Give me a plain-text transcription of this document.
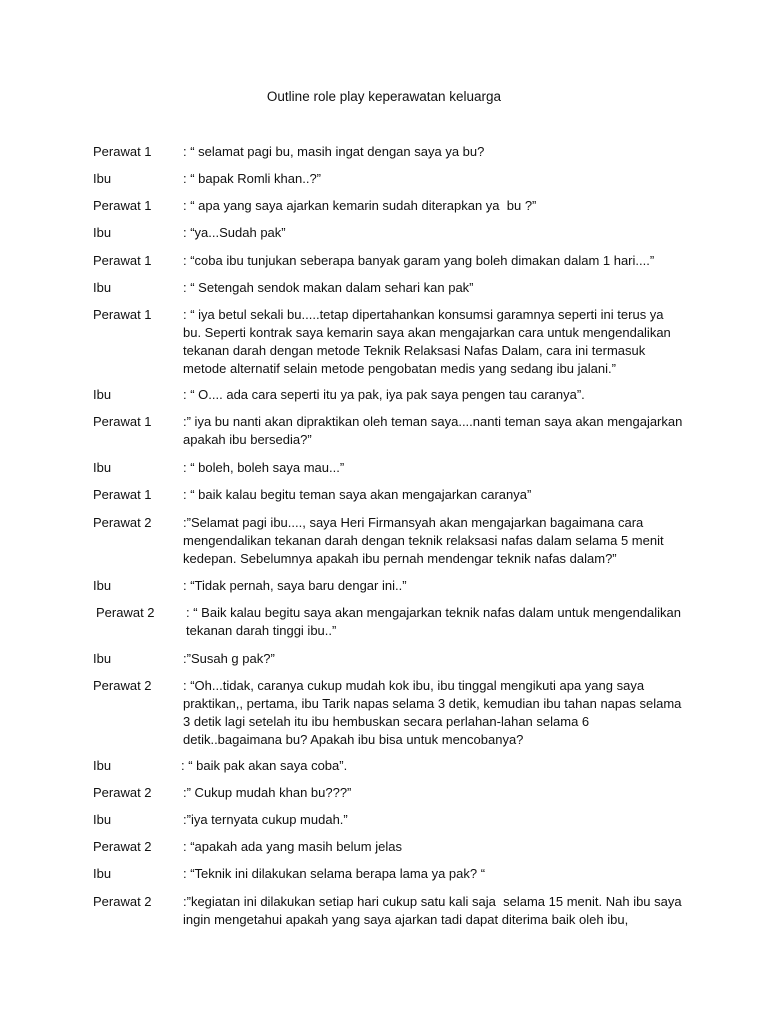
Outline role play keperawatan keluarga
Perawat 1	: “ selamat pagi bu, masih ingat dengan saya ya bu?
Ibu	: “ bapak Romli khan..?”
Perawat 1	: “ apa yang saya ajarkan kemarin sudah diterapkan ya  bu ?”
Ibu	: “ya...Sudah pak”
Perawat 1	: “coba ibu tunjukan seberapa banyak garam yang boleh dimakan dalam 1 hari....”
Ibu	: “ Setengah sendok makan dalam sehari kan pak”
Perawat 1	: “ iya betul sekali bu.....tetap dipertahankan konsumsi garamnya seperti ini terus ya bu. Seperti kontrak saya kemarin saya akan mengajarkan cara untuk mengendalikan tekanan darah dengan metode Teknik Relaksasi Nafas Dalam, cara ini termasuk metode alternatif selain metode pengobatan medis yang sedang ibu jalani.”
Ibu	: “ O.... ada cara seperti itu ya pak, iya pak saya pengen tau caranya”.
Perawat 1	:” iya bu nanti akan dipraktikan oleh teman saya....nanti teman saya akan mengajarkan apakah ibu bersedia?”
Ibu	: “ boleh, boleh saya mau...”
Perawat 1	: “ baik kalau begitu teman saya akan mengajarkan caranya”
Perawat 2	:”Selamat pagi ibu...., saya Heri Firmansyah akan mengajarkan bagaimana cara mengendalikan tekanan darah dengan teknik relaksasi nafas dalam selama 5 menit kedepan. Sebelumnya apakah ibu pernah mendengar teknik nafas dalam?”
Ibu	: “Tidak pernah, saya baru dengar ini..”
Perawat 2	: “ Baik kalau begitu saya akan mengajarkan teknik nafas dalam untuk mengendalikan tekanan darah tinggi ibu..”
Ibu	:”Susah g pak?”
Perawat 2	: “Oh...tidak, caranya cukup mudah kok ibu, ibu tinggal mengikuti apa yang saya praktikan,, pertama, ibu Tarik napas selama 3 detik, kemudian ibu tahan napas selama 3 detik lagi setelah itu ibu hembuskan secara perlahan-lahan selama 6 detik..bagaimana bu? Apakah ibu bisa untuk mencobanya?
Ibu	: “ baik pak akan saya coba”.
Perawat 2	:” Cukup mudah khan bu???”
Ibu	:”iya ternyata cukup mudah.”
Perawat 2	: “apakah ada yang masih belum jelas
Ibu	: “Teknik ini dilakukan selama berapa lama ya pak? “
Perawat 2	:”kegiatan ini dilakukan setiap hari cukup satu kali saja  selama 15 menit. Nah ibu saya ingin mengetahui apakah yang saya ajarkan tadi dapat diterima baik oleh ibu,
